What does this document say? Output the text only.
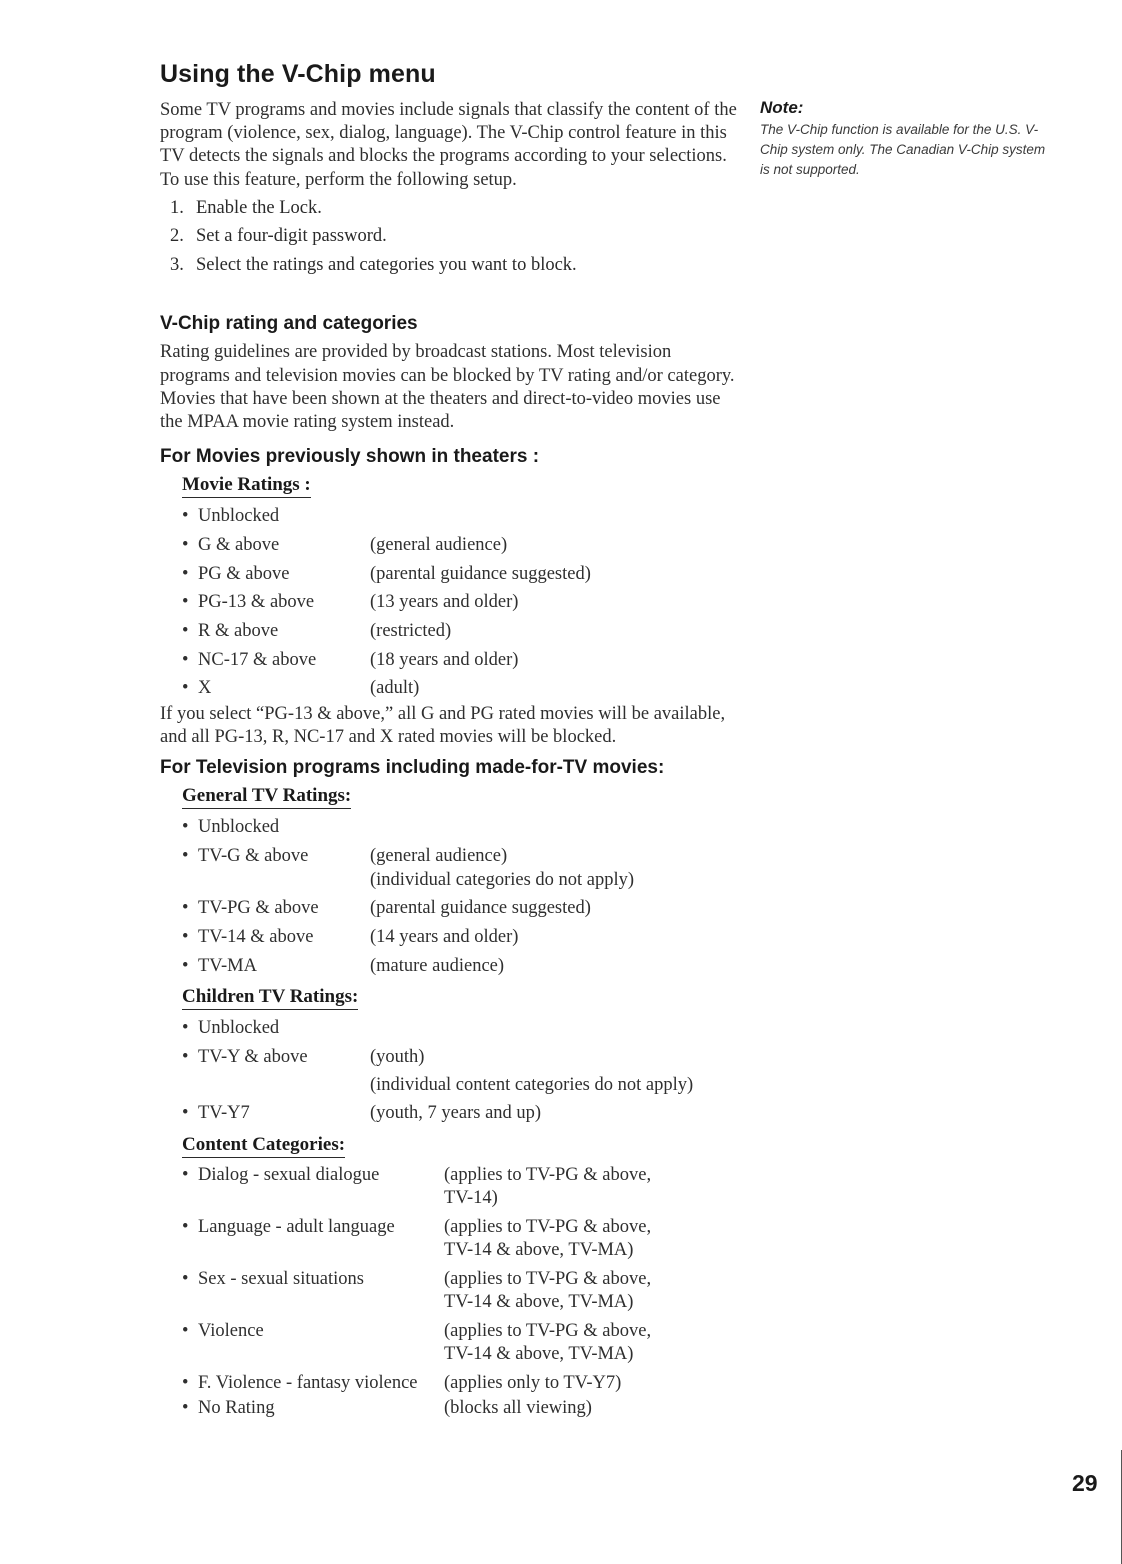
Using the V-Chip menu

Some TV programs and movies include signals that classify the content of the program (violence, sex, dialog, language). The V-Chip control feature in this TV detects the signals and blocks the programs according to your selections. To use this feature, perform the following setup.

1. Enable the Lock.
2. Set a four-digit password.
3. Select the ratings and categories you want to block.
V-Chip rating and categories

Rating guidelines are provided by broadcast stations. Most television programs and television movies can be blocked by TV rating and/or category. Movies that have been shown at the theaters and direct-to-video movies use the MPAA movie rating system instead.

For Movies previously shown in theaters :
Movie Ratings :
• Unblocked
• G & above	(general audience)
• PG & above	(parental guidance suggested)
• PG-13 & above	(13 years and older)
• R & above	(restricted)
• NC-17 & above	(18 years and older)
• X	(adult)

If you select “PG-13 & above,” all G and PG rated movies will be available, and all PG-13, R, NC-17 and X rated movies will be blocked.

For Television programs including made-for-TV movies:
General TV Ratings:
• Unblocked
• TV-G & above	(general audience)
(individual categories do not apply)
• TV-PG & above	(parental guidance suggested)
• TV-14 & above	(14 years and older)
• TV-MA	(mature audience)
Children TV Ratings:
• Unblocked
• TV-Y & above	(youth)
(individual content categories do not apply)
• TV-Y7	(youth, 7 years and up)
Content Categories:
• Dialog - sexual dialogue	(applies to TV-PG & above,
TV-14)
• Language - adult language	(applies to TV-PG & above,
TV-14 & above, TV-MA)
• Sex - sexual situations	(applies to TV-PG & above,
TV-14 & above, TV-MA)
• Violence	(applies to TV-PG & above,
TV-14 & above, TV-MA)
• F. Violence - fantasy violence	(applies only to TV-Y7)
• No Rating	(blocks all viewing)
Note:

The V-Chip function is available for the U.S. V-Chip system only. The Canadian V-Chip system is not supported.

29
